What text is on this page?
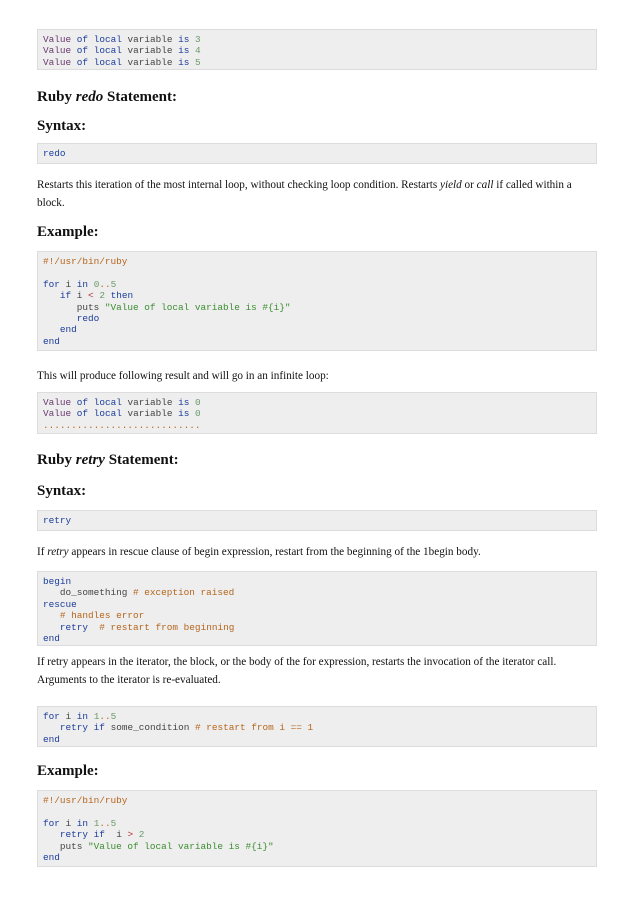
Value of local variable is 3
Value of local variable is 4
Value of local variable is 5
Ruby redo Statement:
Syntax:
redo
Restarts this iteration of the most internal loop, without checking loop condition. Restarts yield or call if called within a block.
Example:
#!/usr/bin/ruby
for i in 0..5
if i < 2 then
puts "Value of local variable is #{i}"
redo
end
end
This will produce following result and will go in an infinite loop:
Value of local variable is 0
Value of local variable is 0
............................
Ruby retry Statement:
Syntax:
retry
If retry appears in rescue clause of begin expression, restart from the beginning of the 1begin body.
begin
do_something # exception raised
rescue
# handles error
retry # restart from beginning
end
If retry appears in the iterator, the block, or the body of the for expression, restarts the invocation of the iterator call. Arguments to the iterator is re-evaluated.
for i in 1..5
retry if some_condition # restart from i == 1
end
Example:
#!/usr/bin/ruby
for i in 1..5
retry if  i > 2
puts "Value of local variable is #{i}"
end
